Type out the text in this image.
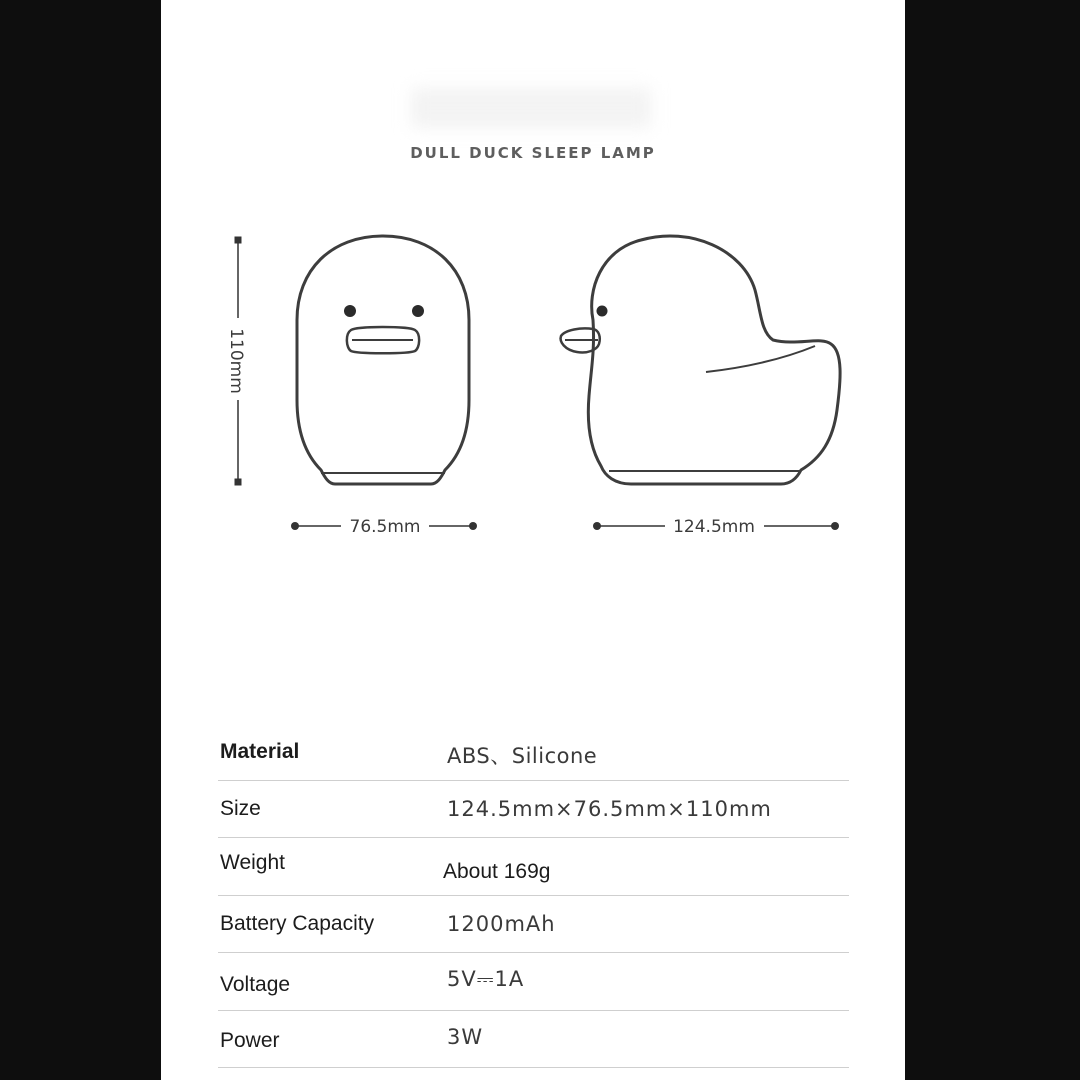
DULL DUCK SLEEP LAMP
110mm
76.5mm	124.5mm
Material	ABS、Silicone
Size	124.5mm×76.5mm×110mm
Weight	About 169g
Battery Capacity	1200mAh
Voltage	5V⎓1A
Power	3W
